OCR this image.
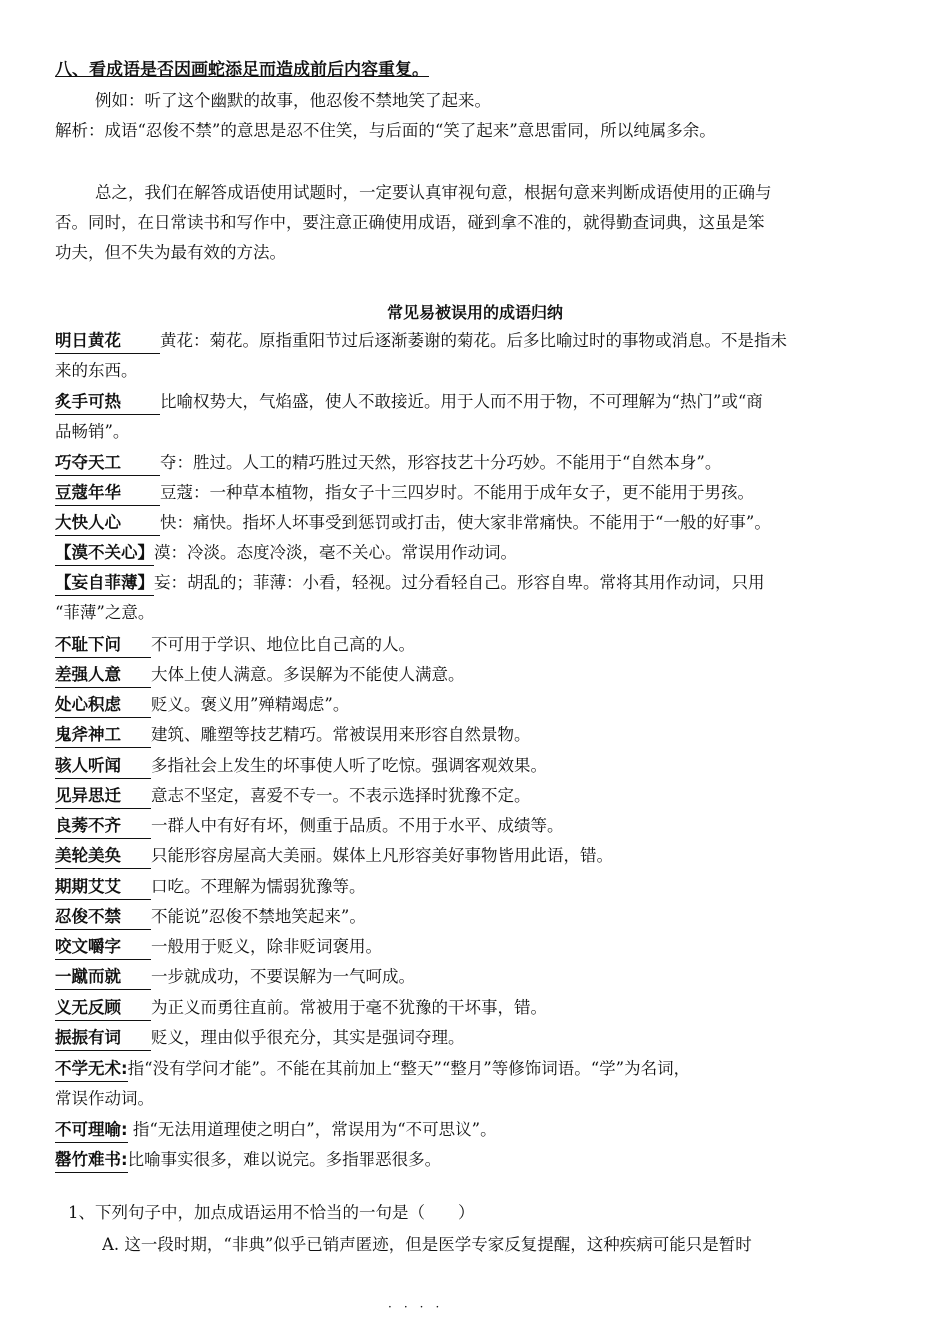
八、看成语是否因画蛇添足而造成前后内容重复。
例如：听了这个幽默的故事，他忍俊不禁地笑了起来。
解析：成语“忍俊不禁”的意思是忍不住笑，与后面的“笑了起来”意思雷同，所以纯属多余。
总之，我们在解答成语使用试题时，一定要认真审视句意，根据句意来判断成语使用的正确与
否。同时，在日常读书和写作中，要注意正确使用成语，碰到拿不准的，就得勤查词典，这虽是笨
功夫，但不失为最有效的方法。
常见易被误用的成语归纳
明日黄花 黄花：菊花。原指重阳节过后逐渐萎谢的菊花。后多比喻过时的事物或消息。不是指未
来的东西。
炙手可热 比喻权势大，气焰盛，使人不敢接近。用于人而不用于物，不可理解为“热门”或“商
品畅销”。
巧夺天工 夺：胜过。人工的精巧胜过天然，形容技艺十分巧妙。不能用于“自然本身”。
豆蔻年华 豆蔻：一种草本植物，指女子十三四岁时。不能用于成年女子，更不能用于男孩。
大快人心 快：痛快。指坏人坏事受到惩罚或打击，使大家非常痛快。不能用于“一般的好事”。
【漠不关心】漠：冷淡。态度冷淡，毫不关心。常误用作动词。
【妄自菲薄】妄：胡乱的；菲薄：小看，轻视。过分看轻自己。形容自卑。常将其用作动词，只用
“菲薄”之意。
不耻下问 不可用于学识、地位比自己高的人。
差强人意 大体上使人满意。多误解为不能使人满意。
处心积虑 贬义。褒义用”殚精竭虑”。
鬼斧神工 建筑、雕塑等技艺精巧。常被误用来形容自然景物。
骇人听闻 多指社会上发生的坏事使人听了吃惊。强调客观效果。
见异思迁 意志不坚定，喜爱不专一。不表示选择时犹豫不定。
良莠不齐 一群人中有好有坏，侧重于品质。不用于水平、成绩等。
美轮美奂 只能形容房屋高大美丽。媒体上凡形容美好事物皆用此语，错。
期期艾艾 口吃。不理解为懦弱犹豫等。
忍俊不禁 不能说”忍俊不禁地笑起来”。
咬文嚼字 一般用于贬义，除非贬词褒用。
一蹴而就 一步就成功，不要误解为一气呵成。
义无反顾 为正义而勇往直前。常被用于毫不犹豫的干坏事，错。
振振有词 贬义，理由似乎很充分，其实是强词夺理。
不学无术:指“没有学问才能”。不能在其前加上“整天”“整月”等修饰词语。“学”为名词，
常误作动词。
不可理喻: 指“无法用道理使之明白”，常误用为“不可思议”。
罄竹难书:比喻事实很多，难以说完。多指罪恶很多。
1、下列句子中，加点成语运用不恰当的一句是（　　）
A. 这一段时期，“非典”似乎已销声匿迹，但是医学专家反复提醒，这种疾病可能只是暂时
····
